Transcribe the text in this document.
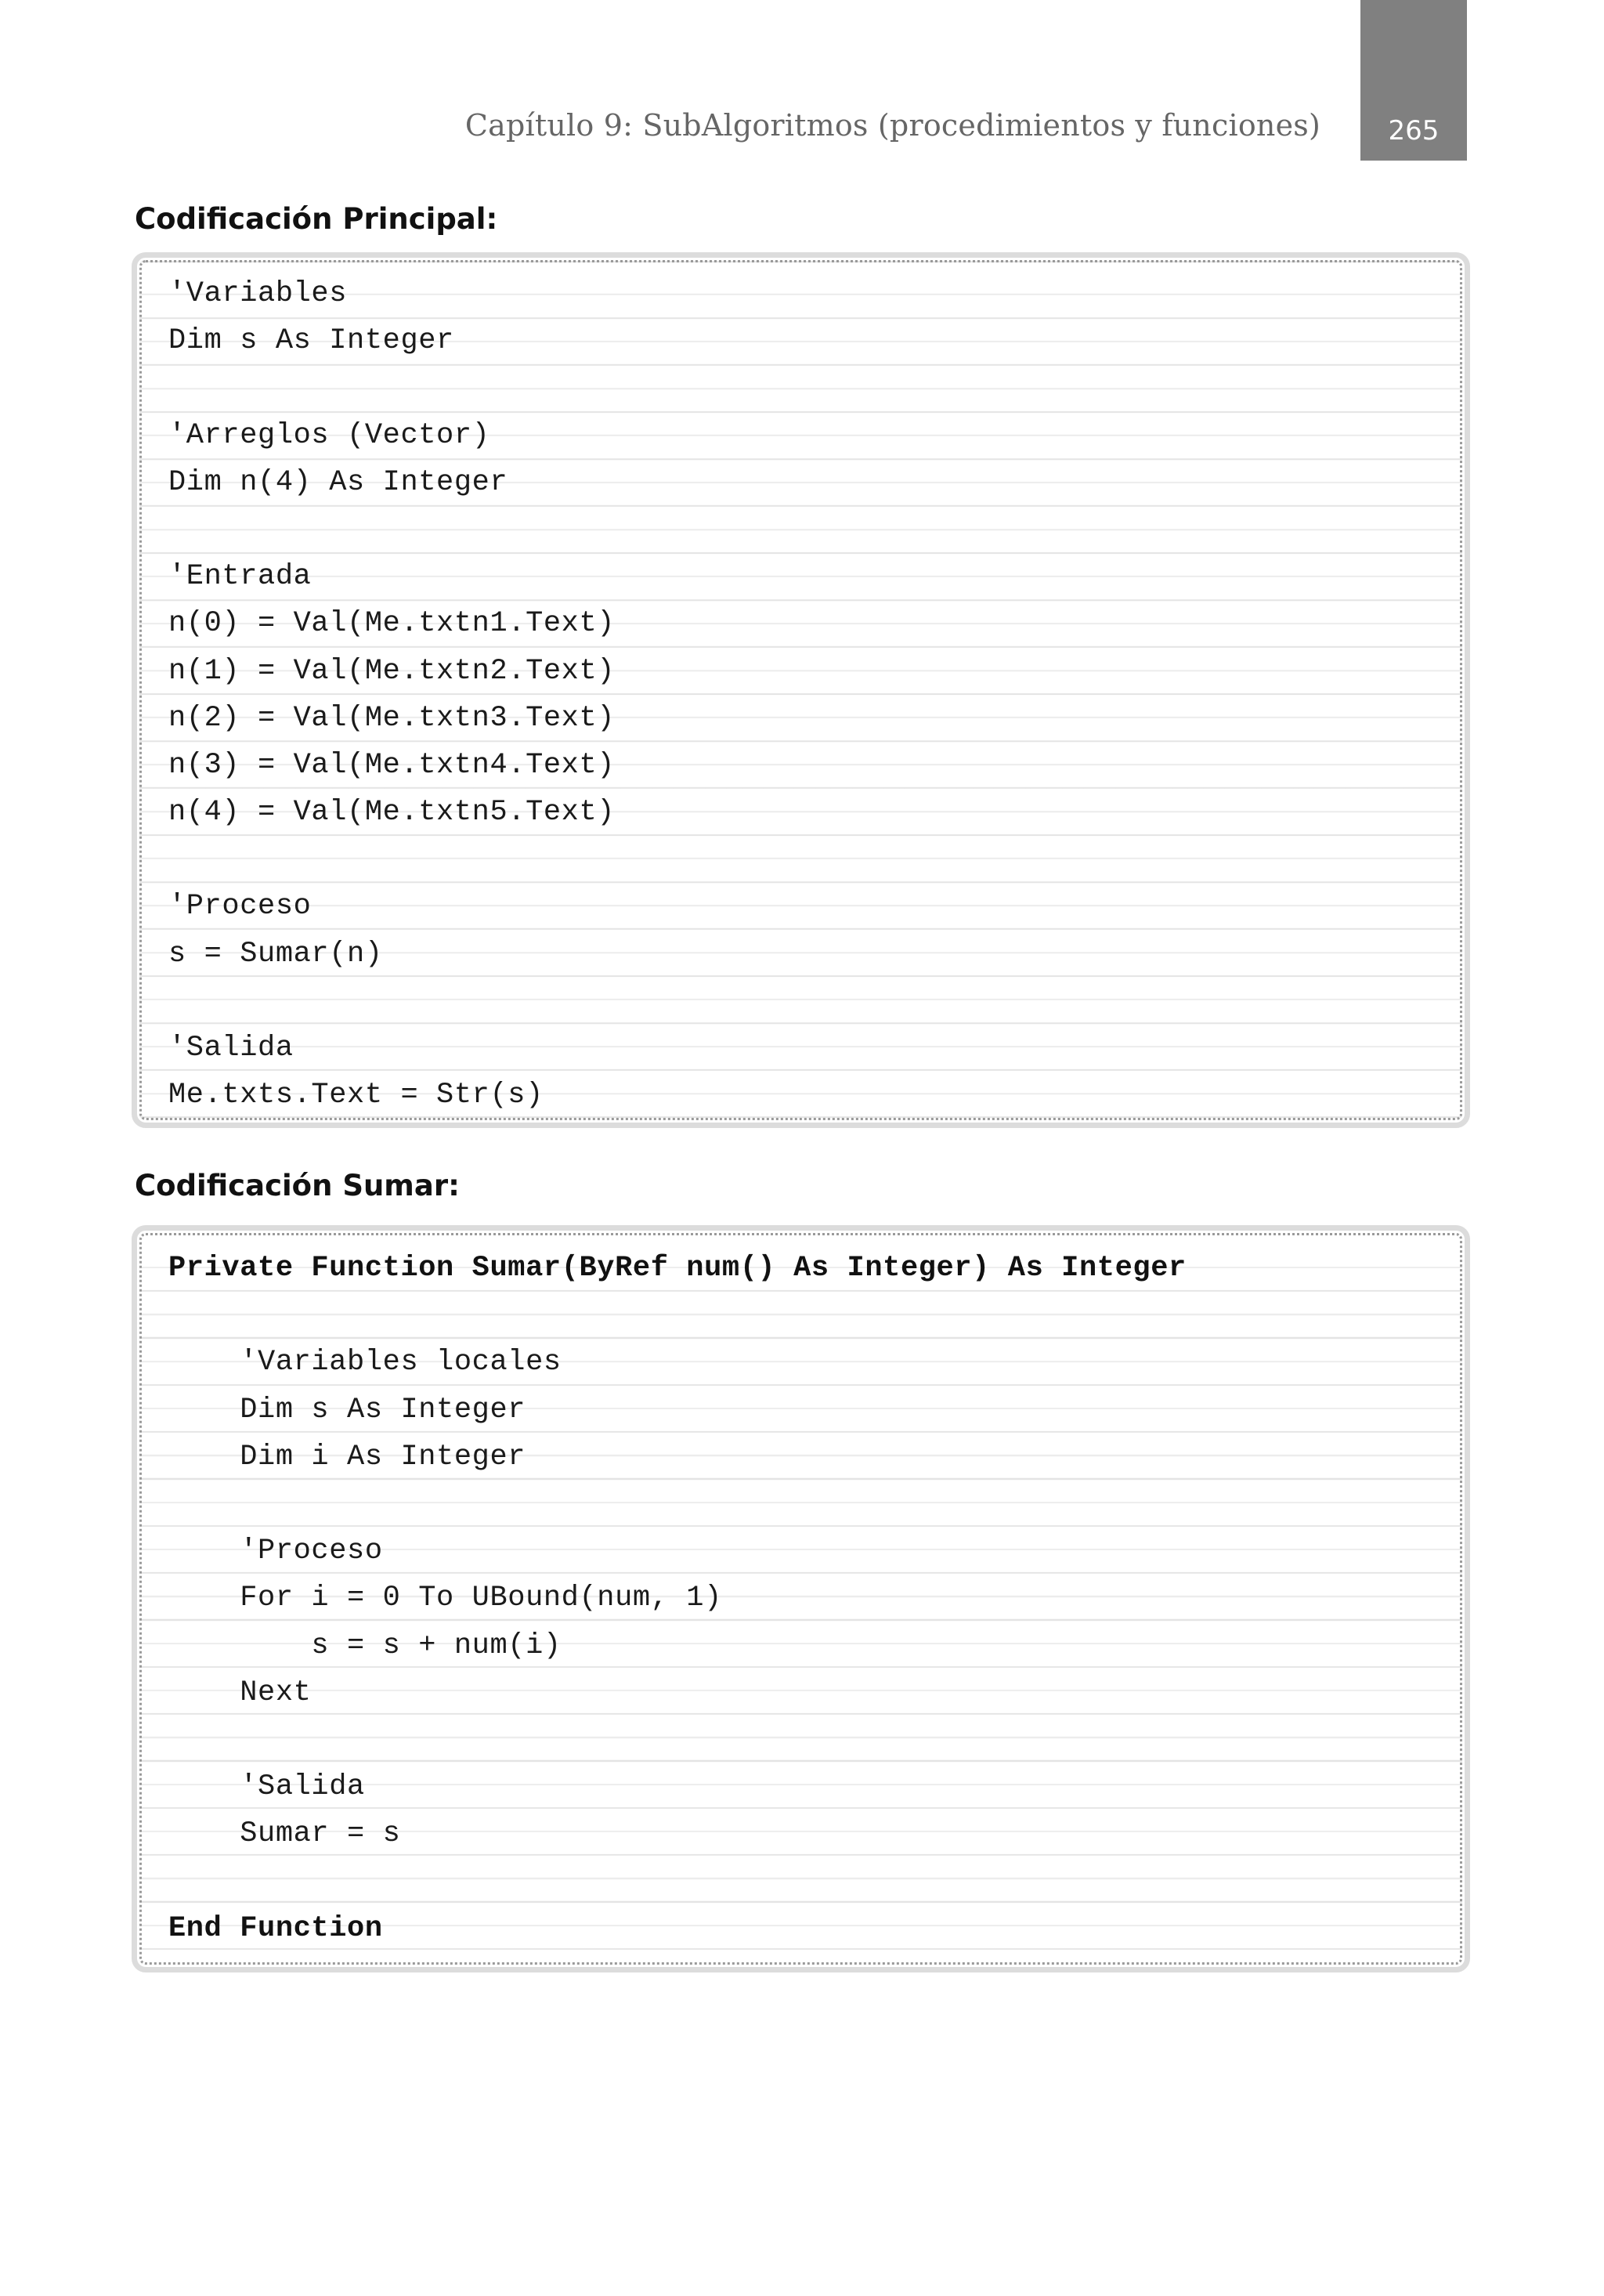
Capítulo 9: SubAlgoritmos (procedimientos y funciones)	265
Codificación Principal:
'Variables
Dim s As Integer
'Arreglos (Vector)
Dim n(4) As Integer
'Entrada
n(0) = Val(Me.txtn1.Text)
n(1) = Val(Me.txtn2.Text)
n(2) = Val(Me.txtn3.Text)
n(3) = Val(Me.txtn4.Text)
n(4) = Val(Me.txtn5.Text)
'Proceso
s = Sumar(n)
'Salida
Me.txts.Text = Str(s)
Codificación Sumar:
Private Function Sumar(ByRef num() As Integer) As Integer
'Variables locales
Dim s As Integer
Dim i As Integer
'Proceso
For i = 0 To UBound(num, 1)
s = s + num(i)
Next
'Salida
Sumar = s
End Function
